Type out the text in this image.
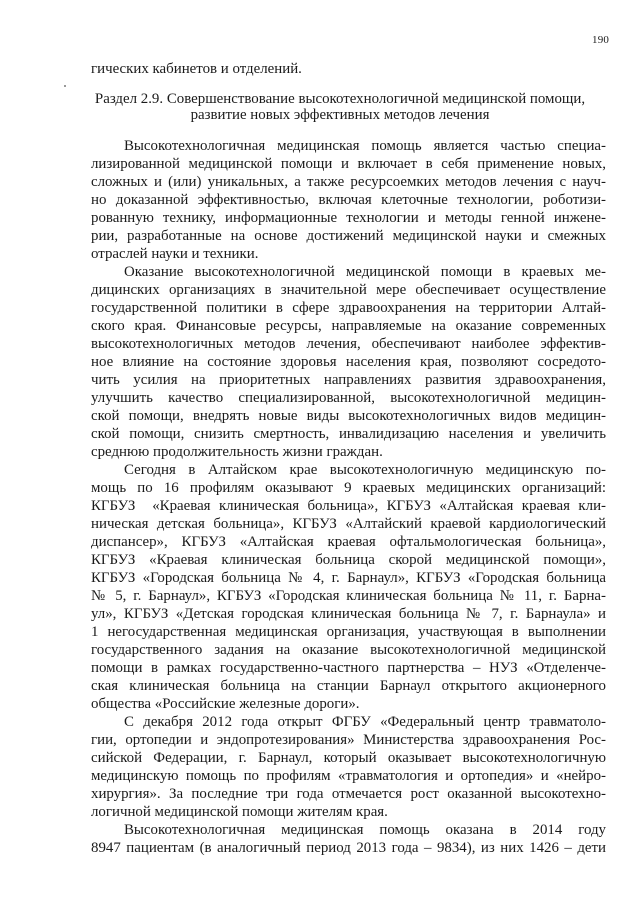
190
гических кабинетов и отделений.
Раздел 2.9. Совершенствование высокотехнологичной медицинской помощи,
развитие новых эффективных методов лечения
Высокотехнологичная медицинская помощь является частью специа-
лизированной медицинской помощи и включает в себя применение новых,
сложных и (или) уникальных, а также ресурсоемких методов лечения с науч-
но доказанной эффективностью, включая клеточные технологии, роботизи-
рованную технику, информационные технологии и методы генной инжене-
рии, разработанные на основе достижений медицинской науки и смежных
отраслей науки и техники.
Оказание высокотехнологичной медицинской помощи в краевых ме-
дицинских организациях в значительной мере обеспечивает осуществление
государственной политики в сфере здравоохранения на территории Алтай-
ского края. Финансовые ресурсы, направляемые на оказание современных
высокотехнологичных методов лечения, обеспечивают наиболее эффектив-
ное влияние на состояние здоровья населения края, позволяют сосредото-
чить усилия на приоритетных направлениях развития здравоохранения,
улучшить качество специализированной, высокотехнологичной медицин-
ской помощи, внедрять новые виды высокотехнологичных видов медицин-
ской помощи, снизить смертность, инвалидизацию населения и увеличить
среднюю продолжительность жизни граждан.
Сегодня в Алтайском крае высокотехнологичную медицинскую по-
мощь по 16 профилям оказывают 9 краевых медицинских организаций:
КГБУЗ  «Краевая клиническая больница», КГБУЗ «Алтайская краевая кли-
ническая детская больница», КГБУЗ «Алтайский краевой кардиологический
диспансер», КГБУЗ «Алтайская краевая офтальмологическая больница»,
КГБУЗ «Краевая клиническая больница скорой медицинской помощи»,
КГБУЗ «Городская больница № 4, г. Барнаул», КГБУЗ «Городская больница
№ 5, г. Барнаул», КГБУЗ «Городская клиническая больница № 11, г. Барна-
ул», КГБУЗ «Детская городская клиническая больница № 7, г. Барнаула» и
1 негосударственная медицинская организация, участвующая в выполнении
государственного задания на оказание высокотехнологичной медицинской
помощи в рамках государственно-частного партнерства – НУЗ «Отделенче-
ская клиническая больница на станции Барнаул открытого акционерного
общества «Российские железные дороги».
С декабря 2012 года открыт ФГБУ «Федеральный центр травматоло-
гии, ортопедии и эндопротезирования» Министерства здравоохранения Рос-
сийской Федерации, г. Барнаул, который оказывает высокотехнологичную
медицинскую помощь по профилям «травматология и ортопедия» и «нейро-
хирургия». За последние три года отмечается рост оказанной высокотехно-
логичной медицинской помощи жителям края.
Высокотехнологичная медицинская помощь оказана в 2014 году
8947 пациентам (в аналогичный период 2013 года – 9834), из них 1426 – дети
